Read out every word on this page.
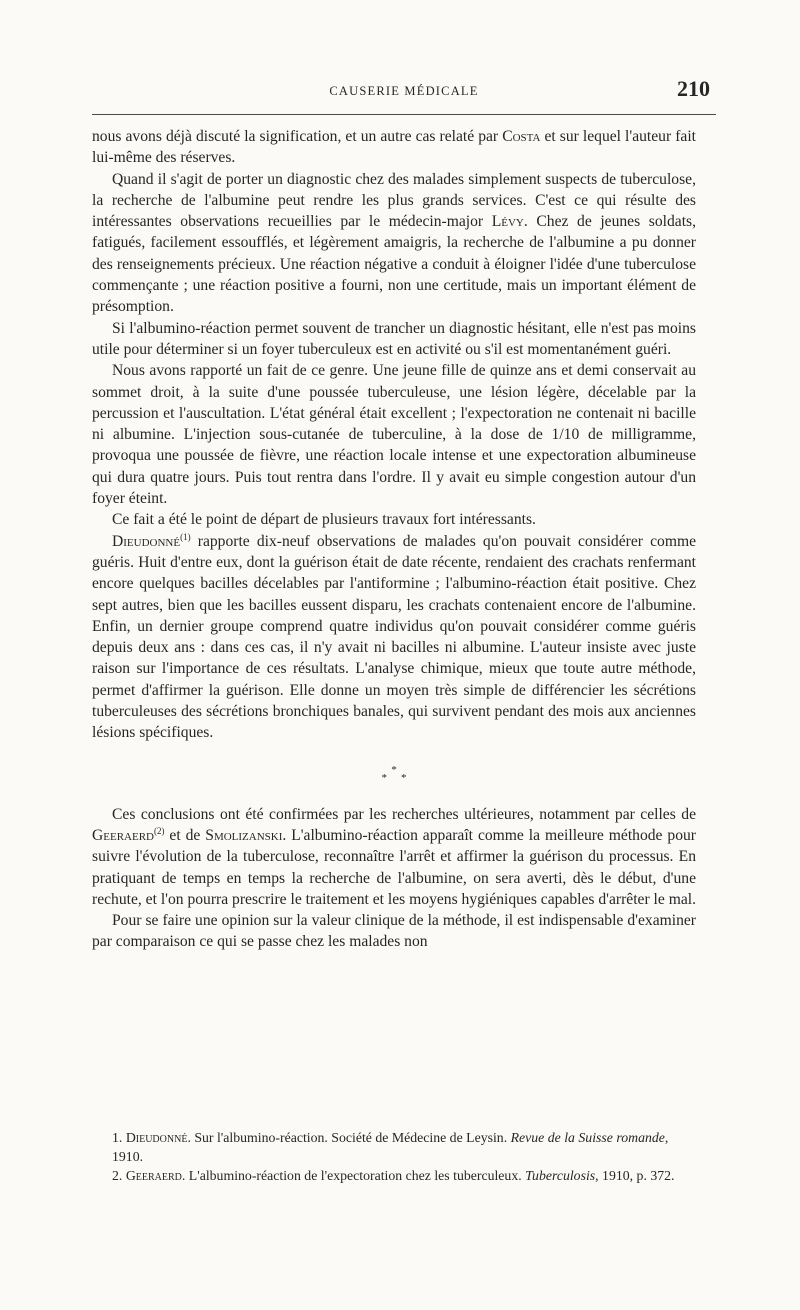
CAUSERIE MÉDICALE	210

nous avons déjà discuté la signification, et un autre cas relaté par Costa et sur lequel l'auteur fait lui-même des réserves.

Quand il s'agit de porter un diagnostic chez des malades simplement suspects de tuberculose, la recherche de l'albumine peut rendre les plus grands services. C'est ce qui résulte des intéressantes observations recueillies par le médecin-major Lévy. Chez de jeunes soldats, fatigués, facilement essoufflés, et légèrement amaigris, la recherche de l'albumine a pu donner des renseignements précieux. Une réaction négative a conduit à éloigner l'idée d'une tuberculose commençante ; une réaction positive a fourni, non une certitude, mais un important élément de présomption.

Si l'albumino-réaction permet souvent de trancher un diagnostic hésitant, elle n'est pas moins utile pour déterminer si un foyer tuberculeux est en activité ou s'il est momentanément guéri.

Nous avons rapporté un fait de ce genre. Une jeune fille de quinze ans et demi conservait au sommet droit, à la suite d'une poussée tuberculeuse, une lésion légère, décelable par la percussion et l'auscultation. L'état général était excellent ; l'expectoration ne contenait ni bacille ni albumine. L'injection sous-cutanée de tuberculine, à la dose de 1/10 de milligramme, provoqua une poussée de fièvre, une réaction locale intense et une expectoration albumineuse qui dura quatre jours. Puis tout rentra dans l'ordre. Il y avait eu simple congestion autour d'un foyer éteint.

Ce fait a été le point de départ de plusieurs travaux fort intéressants.

Dieudonné$^{(1)}$ rapporte dix-neuf observations de malades qu'on pouvait considérer comme guéris. Huit d'entre eux, dont la guérison était de date récente, rendaient des crachats renfermant encore quelques bacilles décelables par l'antiformine ; l'albumino-réaction était positive. Chez sept autres, bien que les bacilles eussent disparu, les crachats contenaient encore de l'albumine. Enfin, un dernier groupe comprend quatre individus qu'on pouvait considérer comme guéris depuis deux ans : dans ces cas, il n'y avait ni bacilles ni albumine. L'auteur insiste avec juste raison sur l'importance de ces résultats. L'analyse chimique, mieux que toute autre méthode, permet d'affirmer la guérison. Elle donne un moyen très simple de différencier les sécrétions tuberculeuses des sécrétions bronchiques banales, qui survivent pendant des mois aux anciennes lésions spécifiques.

*
* *

Ces conclusions ont été confirmées par les recherches ultérieures, notamment par celles de Geeraerd$^{(2)}$ et de Smolizanski. L'albumino-réaction apparaît comme la meilleure méthode pour suivre l'évolution de la tuberculose, reconnaître l'arrêt et affirmer la guérison du processus. En pratiquant de temps en temps la recherche de l'albumine, on sera averti, dès le début, d'une rechute, et l'on pourra prescrire le traitement et les moyens hygiéniques capables d'arrêter le mal.

Pour se faire une opinion sur la valeur clinique de la méthode, il est indispensable d'examiner par comparaison ce qui se passe chez les malades non

1. Dieudonné. Sur l'albumino-réaction. Société de Médecine de Leysin. Revue de la Suisse romande, 1910.

2. Geeraerd. L'albumino-réaction de l'expectoration chez les tuberculeux. Tuberculosis, 1910, p. 372.
